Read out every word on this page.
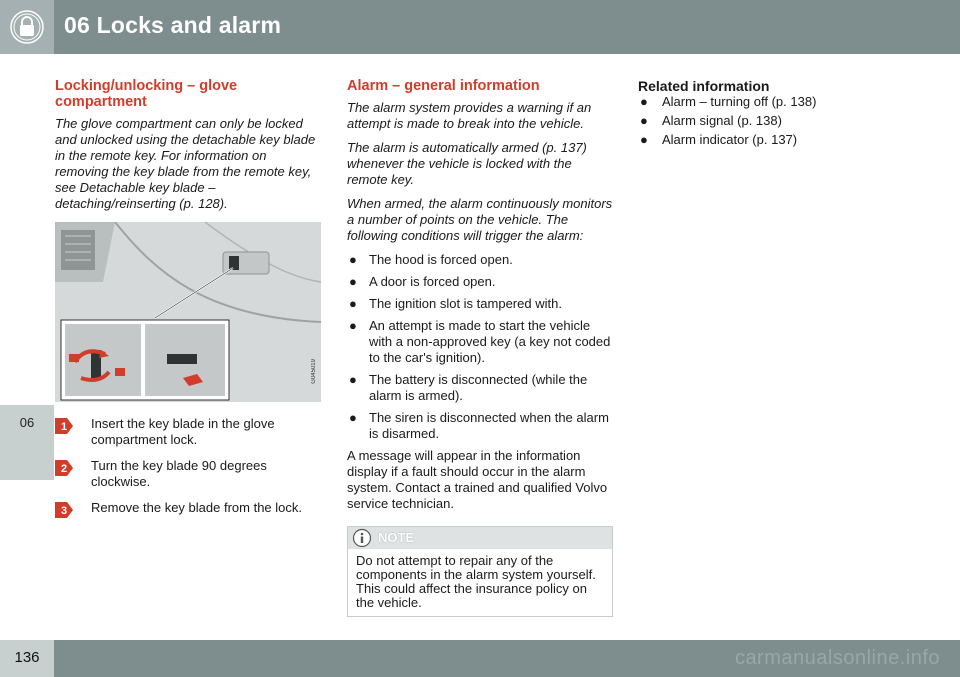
06 Locks and alarm
06
Locking/unlocking – glove compartment

The glove compartment can only be locked and unlocked using the detachable key blade in the remote key. For information on removing the key blade from the remote key, see Detachable key blade – detaching/reinserting (p. 128).

G045019
1 Insert the key blade in the glove compartment lock.
2 Turn the key blade 90 degrees clockwise.
3 Remove the key blade from the lock.
Alarm – general information

The alarm system provides a warning if an attempt is made to break into the vehicle.

The alarm is automatically armed (p. 137) whenever the vehicle is locked with the remote key.

When armed, the alarm continuously monitors a number of points on the vehicle. The following conditions will trigger the alarm:

● The hood is forced open.
● A door is forced open.
● The ignition slot is tampered with.
● An attempt is made to start the vehicle with a non-approved key (a key not coded to the car's ignition).
● The battery is disconnected (while the alarm is armed).
● The siren is disconnected when the alarm is disarmed.

A message will appear in the information display if a fault should occur in the alarm system. Contact a trained and qualified Volvo service technician.

NOTE
Do not attempt to repair any of the components in the alarm system yourself. This could affect the insurance policy on the vehicle.
Related information
● Alarm – turning off (p. 138)
● Alarm signal (p. 138)
● Alarm indicator (p. 137)
136	carmanualsonline.info
